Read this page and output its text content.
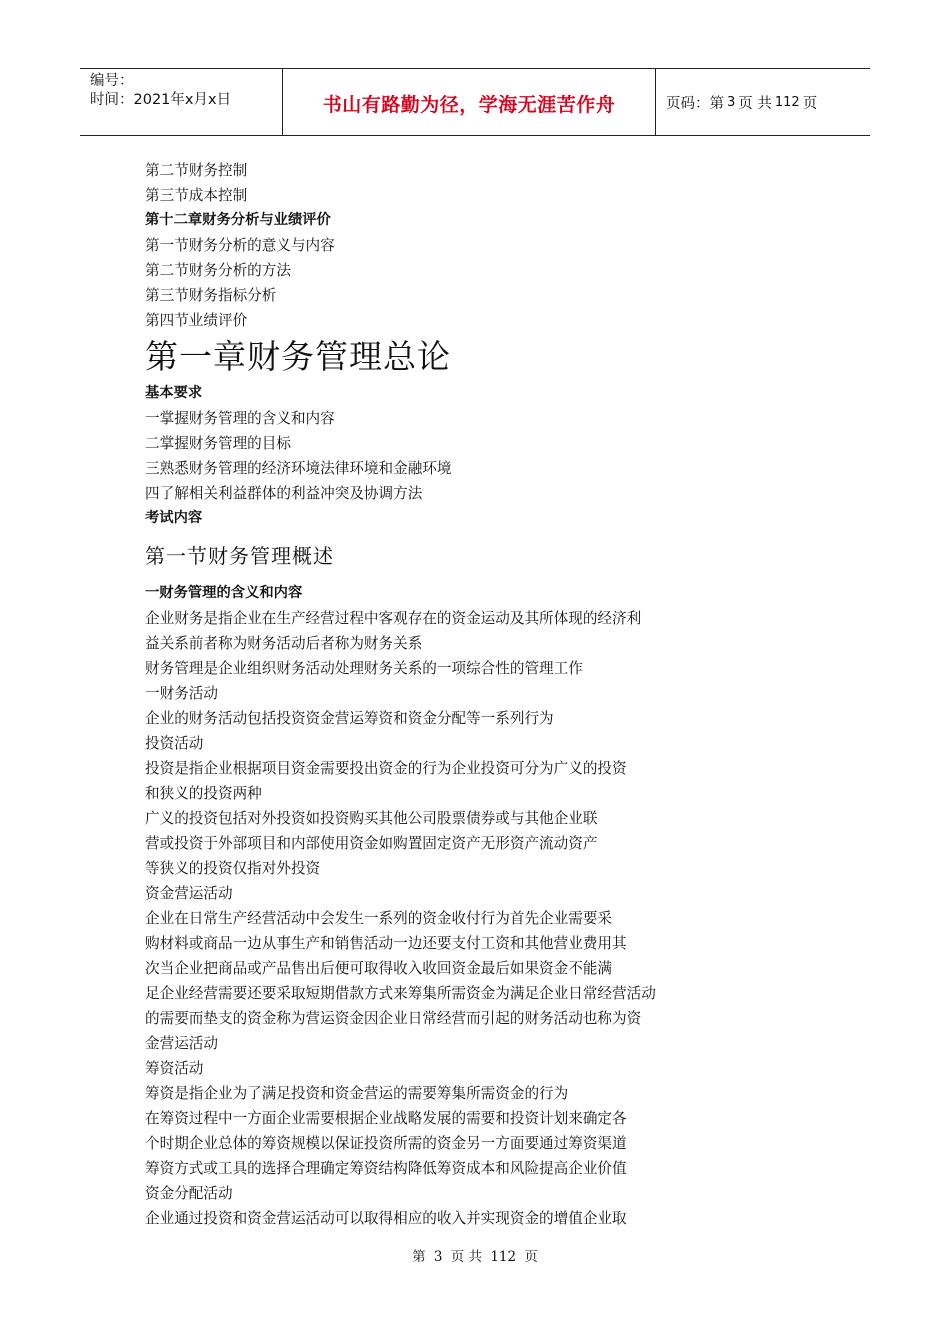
编号：
时间：2021年x月x日	书山有路勤为径，学海无涯苦作舟	页码：第 3 页 共 112 页
第二节财务控制
第三节成本控制
第十二章财务分析与业绩评价
第一节财务分析的意义与内容
第二节财务分析的方法
第三节财务指标分析
第四节业绩评价
第一章财务管理总论
基本要求
一掌握财务管理的含义和内容
二掌握财务管理的目标
三熟悉财务管理的经济环境法律环境和金融环境
四了解相关利益群体的利益冲突及协调方法
考试内容
第一节财务管理概述
一财务管理的含义和内容
企业财务是指企业在生产经营过程中客观存在的资金运动及其所体现的经济利
益关系前者称为财务活动后者称为财务关系
财务管理是企业组织财务活动处理财务关系的一项综合性的管理工作
一财务活动
企业的财务活动包括投资资金营运筹资和资金分配等一系列行为
投资活动
投资是指企业根据项目资金需要投出资金的行为企业投资可分为广义的投资
和狭义的投资两种
广义的投资包括对外投资如投资购买其他公司股票债券或与其他企业联
营或投资于外部项目和内部使用资金如购置固定资产无形资产流动资产
等狭义的投资仅指对外投资
资金营运活动
企业在日常生产经营活动中会发生一系列的资金收付行为首先企业需要采
购材料或商品一边从事生产和销售活动一边还要支付工资和其他营业费用其
次当企业把商品或产品售出后便可取得收入收回资金最后如果资金不能满
足企业经营需要还要采取短期借款方式来筹集所需资金为满足企业日常经营活动
的需要而垫支的资金称为营运资金因企业日常经营而引起的财务活动也称为资
金营运活动
筹资活动
筹资是指企业为了满足投资和资金营运的需要筹集所需资金的行为
在筹资过程中一方面企业需要根据企业战略发展的需要和投资计划来确定各
个时期企业总体的筹资规模以保证投资所需的资金另一方面要通过筹资渠道
筹资方式或工具的选择合理确定筹资结构降低筹资成本和风险提高企业价值
资金分配活动
企业通过投资和资金营运活动可以取得相应的收入并实现资金的增值企业取
第 3 页 共 112 页
